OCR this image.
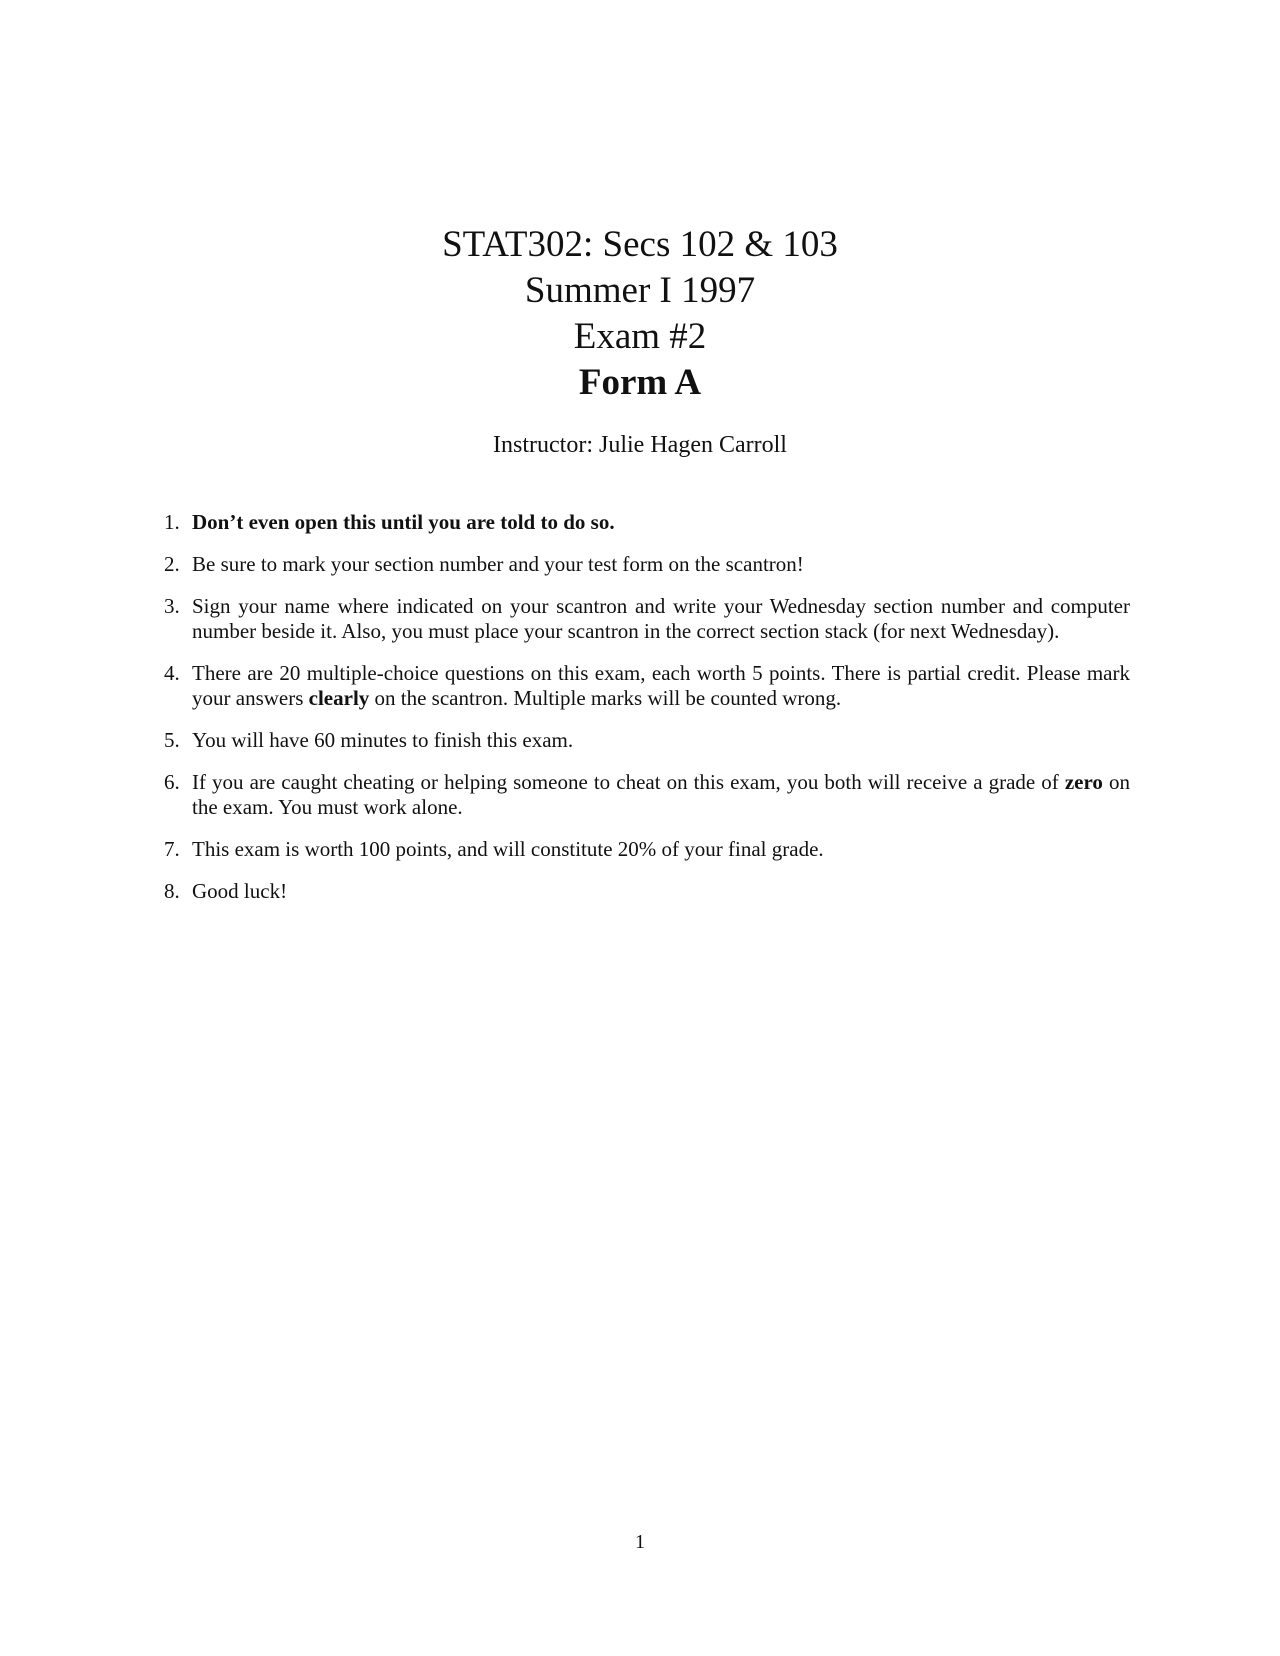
STAT302: Secs 102 & 103
Summer I 1997
Exam #2
Form A
Instructor: Julie Hagen Carroll
1. Don’t even open this until you are told to do so.
2. Be sure to mark your section number and your test form on the scantron!
3. Sign your name where indicated on your scantron and write your Wednesday section number and computer number beside it. Also, you must place your scantron in the correct section stack (for next Wednesday).
4. There are 20 multiple-choice questions on this exam, each worth 5 points. There is partial credit. Please mark your answers clearly on the scantron. Multiple marks will be counted wrong.
5. You will have 60 minutes to finish this exam.
6. If you are caught cheating or helping someone to cheat on this exam, you both will receive a grade of zero on the exam. You must work alone.
7. This exam is worth 100 points, and will constitute 20% of your final grade.
8. Good luck!
1
